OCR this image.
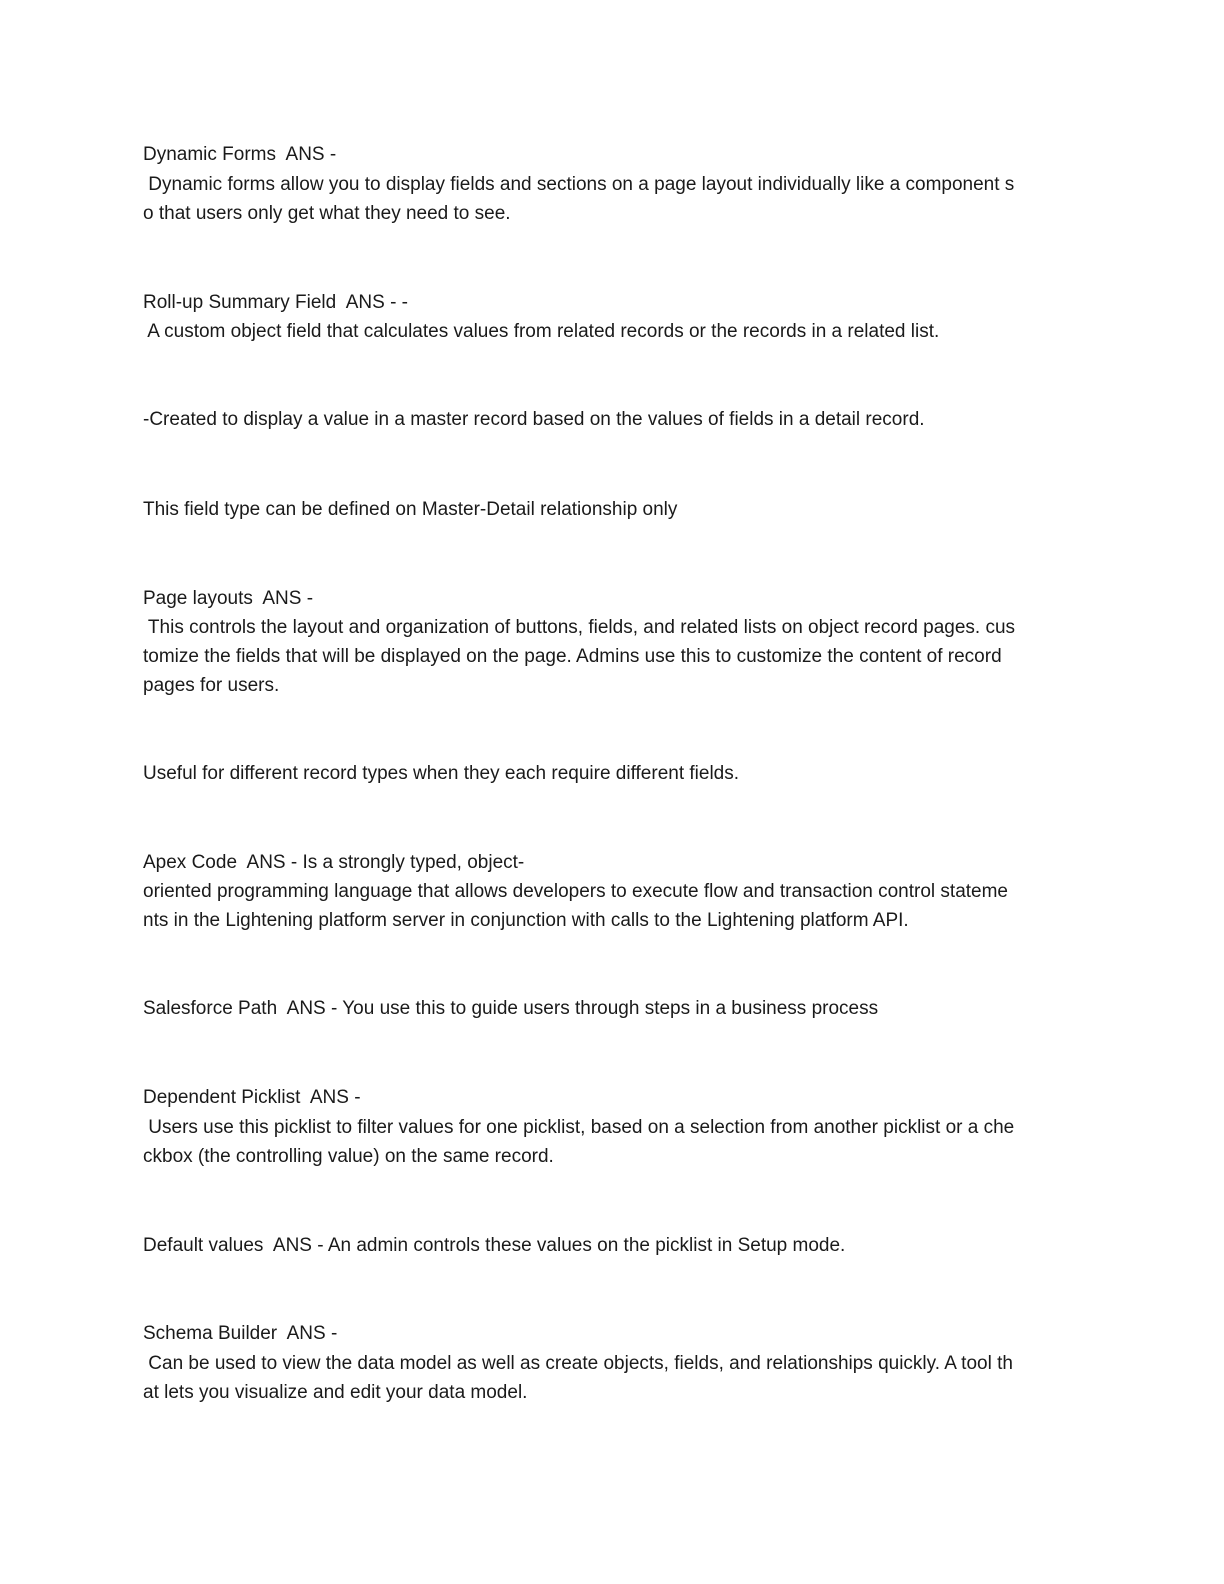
Dynamic Forms  ANS -
Dynamic forms allow you to display fields and sections on a page layout individually like a component s
o that users only get what they need to see.
Roll-up Summary Field  ANS - -
A custom object field that calculates values from related records or the records in a related list.
-Created to display a value in a master record based on the values of fields in a detail record.
This field type can be defined on Master-Detail relationship only
Page layouts  ANS -
This controls the layout and organization of buttons, fields, and related lists on object record pages. cus
tomize the fields that will be displayed on the page. Admins use this to customize the content of record
pages for users.
Useful for different record types when they each require different fields.
Apex Code  ANS - Is a strongly typed, object-
oriented programming language that allows developers to execute flow and transaction control stateme
nts in the Lightening platform server in conjunction with calls to the Lightening platform API.
Salesforce Path  ANS - You use this to guide users through steps in a business process
Dependent Picklist  ANS -
Users use this picklist to filter values for one picklist, based on a selection from another picklist or a che
ckbox (the controlling value) on the same record.
Default values  ANS - An admin controls these values on the picklist in Setup mode.
Schema Builder  ANS -
Can be used to view the data model as well as create objects, fields, and relationships quickly. A tool th
at lets you visualize and edit your data model.
